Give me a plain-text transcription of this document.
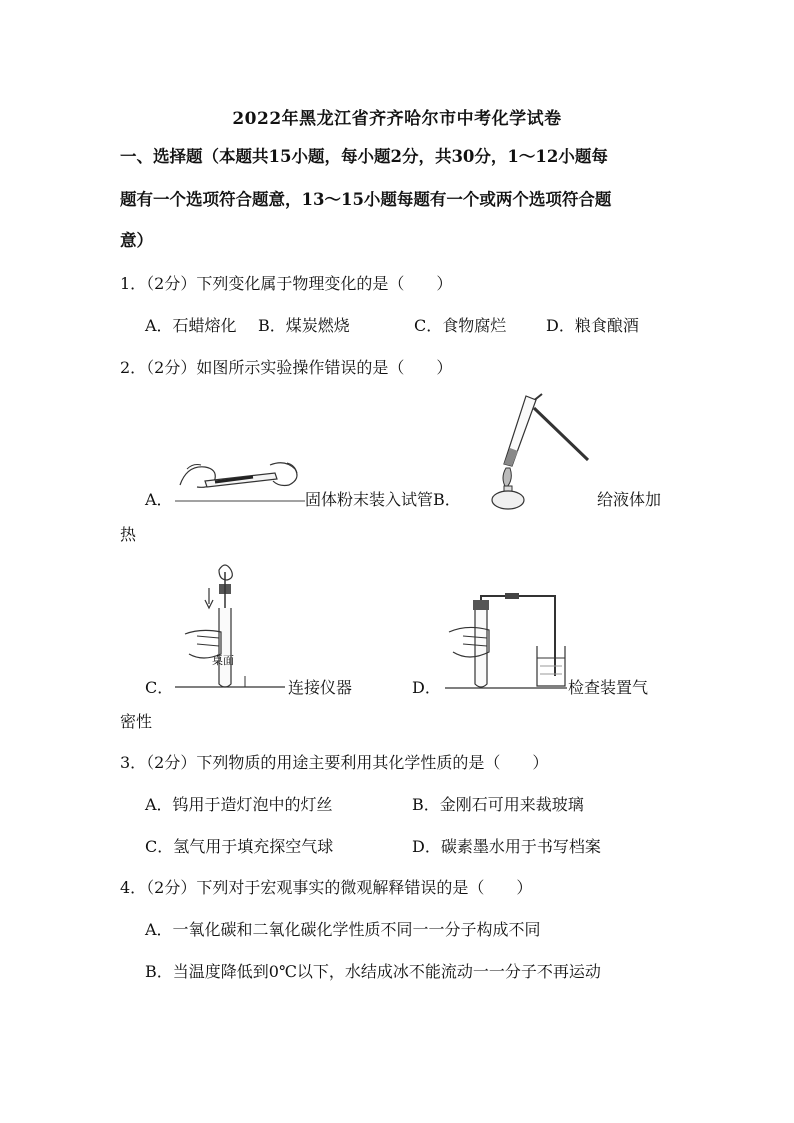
2022年黑龙江省齐齐哈尔市中考化学试卷
一、选择题（本题共15小题，每小题2分，共30分，1～12小题每
题有一个选项符合题意，13～15小题每题有一个或两个选项符合题
意）
1．（2分）下列变化属于物理变化的是（　　）
A．石蜡熔化 B．煤炭燃烧	C．食物腐烂 D．粮食酿酒
2．（2分）如图所示实验操作错误的是（　　）
A．	固体粉末装入试管B．	给液体加
热
C．
桌面
连接仪器	D．	检查装置气
密性
3．（2分）下列物质的用途主要利用其化学性质的是（　　）
A．钨用于造灯泡中的灯丝	B．金刚石可用来裁玻璃
C．氢气用于填充探空气球	D．碳素墨水用于书写档案
4．（2分）下列对于宏观事实的微观解释错误的是（　　）
A．一氧化碳和二氧化碳化学性质不同一一分子构成不同
B．当温度降低到0℃以下，水结成冰不能流动一一分子不再运动
